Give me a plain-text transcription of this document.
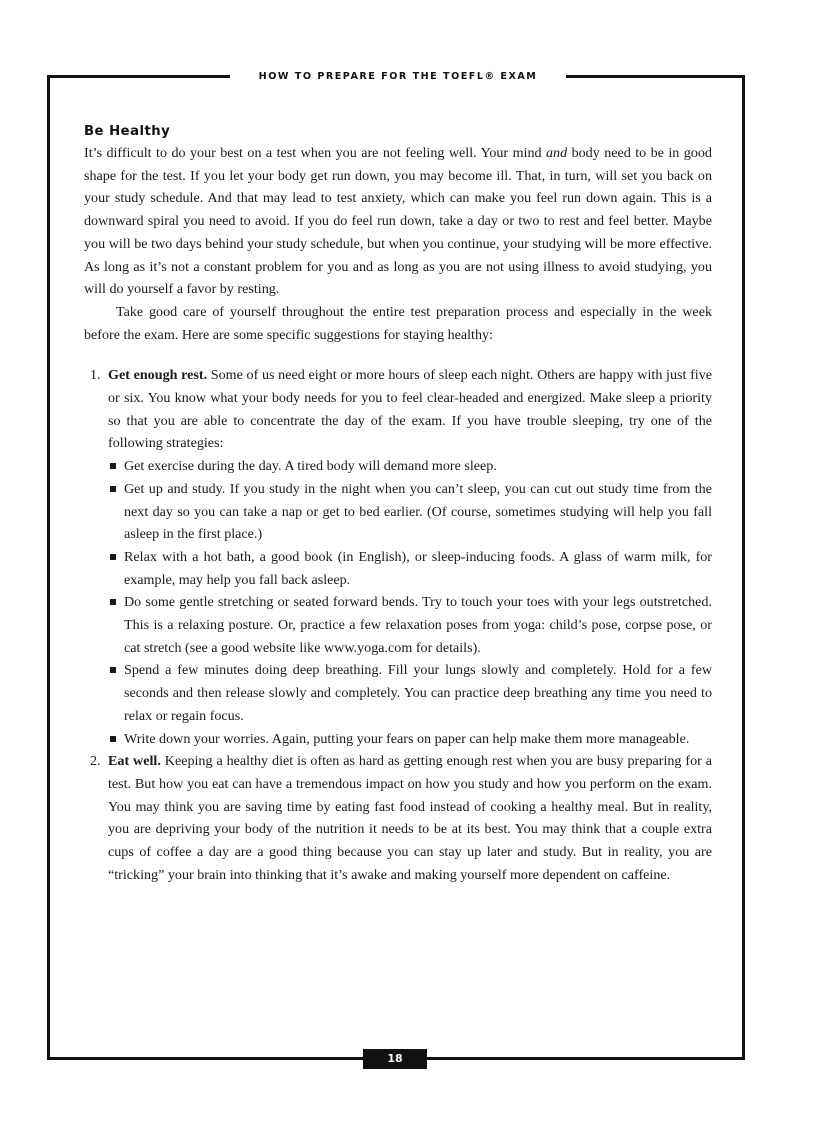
HOW TO PREPARE FOR THE TOEFL® EXAM
Be Healthy

It’s difficult to do your best on a test when you are not feeling well. Your mind and body need to be in good shape for the test. If you let your body get run down, you may become ill. That, in turn, will set you back on your study schedule. And that may lead to test anxiety, which can make you feel run down again. This is a downward spiral you need to avoid. If you do feel run down, take a day or two to rest and feel better. Maybe you will be two days behind your study schedule, but when you continue, your studying will be more effective. As long as it’s not a constant problem for you and as long as you are not using illness to avoid studying, you will do yourself a favor by resting.

Take good care of yourself throughout the entire test preparation process and especially in the week before the exam. Here are some specific suggestions for staying healthy:

1. Get enough rest. Some of us need eight or more hours of sleep each night. Others are happy with just five or six. You know what your body needs for you to feel clear-headed and energized. Make sleep a priority so that you are able to concentrate the day of the exam. If you have trouble sleeping, try one of the following strategies:
Get exercise during the day. A tired body will demand more sleep.
Get up and study. If you study in the night when you can’t sleep, you can cut out study time from the next day so you can take a nap or get to bed earlier. (Of course, sometimes studying will help you fall asleep in the first place.)
Relax with a hot bath, a good book (in English), or sleep-inducing foods. A glass of warm milk, for example, may help you fall back asleep.
Do some gentle stretching or seated forward bends. Try to touch your toes with your legs outstretched. This is a relaxing posture. Or, practice a few relaxation poses from yoga: child’s pose, corpse pose, or cat stretch (see a good website like www.yoga.com for details).
Spend a few minutes doing deep breathing. Fill your lungs slowly and completely. Hold for a few seconds and then release slowly and completely. You can practice deep breathing any time you need to relax or regain focus.
Write down your worries. Again, putting your fears on paper can help make them more manageable.
2. Eat well. Keeping a healthy diet is often as hard as getting enough rest when you are busy preparing for a test. But how you eat can have a tremendous impact on how you study and how you perform on the exam. You may think you are saving time by eating fast food instead of cooking a healthy meal. But in reality, you are depriving your body of the nutrition it needs to be at its best. You may think that a couple extra cups of coffee a day are a good thing because you can stay up later and study. But in reality, you are “tricking” your brain into thinking that it’s awake and making yourself more dependent on caffeine.
18
